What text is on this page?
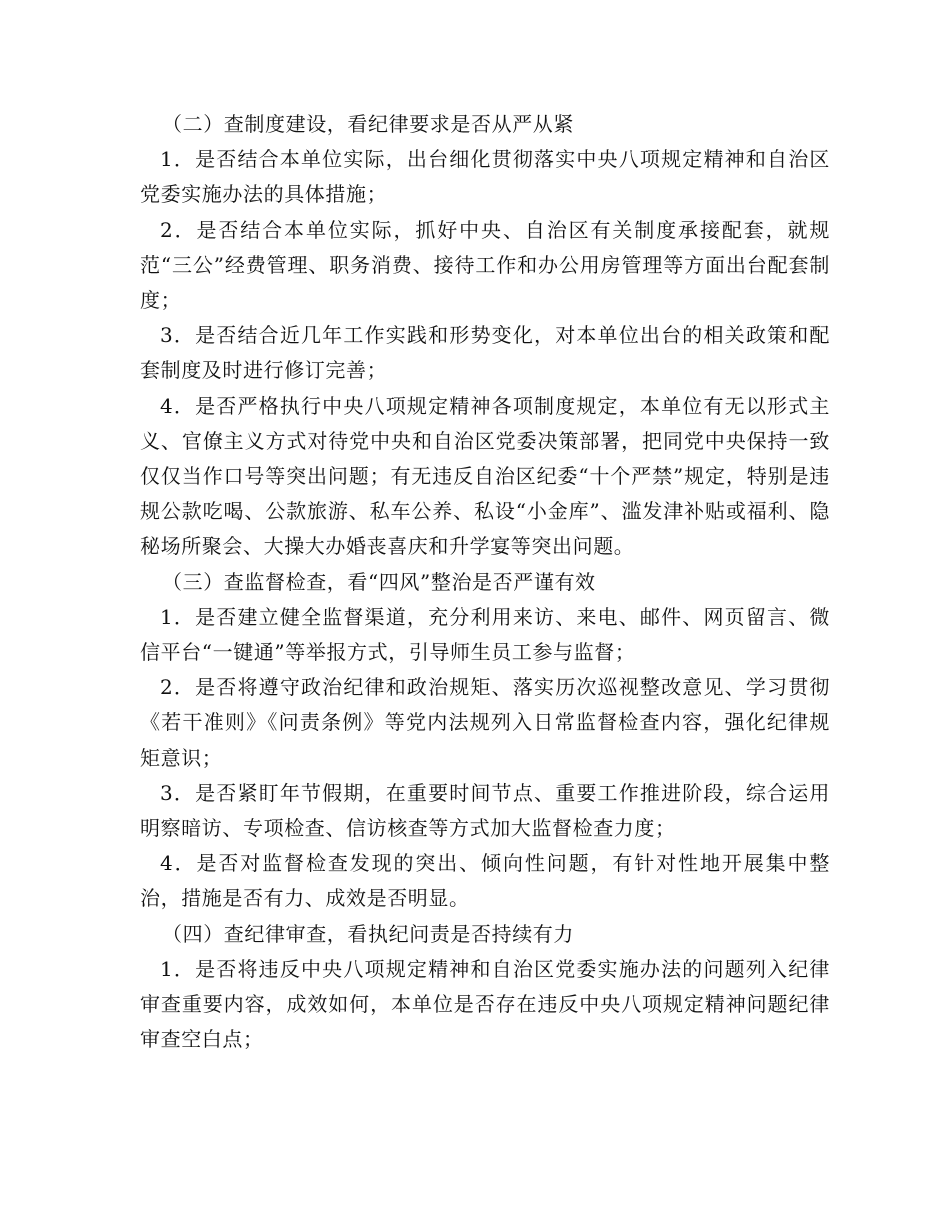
（二）查制度建设，看纪律要求是否从严从紧

1．是否结合本单位实际，出台细化贯彻落实中央八项规定精神和自治区党委实施办法的具体措施；

2．是否结合本单位实际，抓好中央、自治区有关制度承接配套，就规范“三公”经费管理、职务消费、接待工作和办公用房管理等方面出台配套制度；

3．是否结合近几年工作实践和形势变化，对本单位出台的相关政策和配套制度及时进行修订完善；

4．是否严格执行中央八项规定精神各项制度规定，本单位有无以形式主义、官僚主义方式对待党中央和自治区党委决策部署，把同党中央保持一致仅仅当作口号等突出问题；有无违反自治区纪委“十个严禁”规定，特别是违规公款吃喝、公款旅游、私车公养、私设“小金库”、滥发津补贴或福利、隐秘场所聚会、大操大办婚丧喜庆和升学宴等突出问题。

（三）查监督检查，看“四风”整治是否严谨有效

1．是否建立健全监督渠道，充分利用来访、来电、邮件、网页留言、微信平台“一键通”等举报方式，引导师生员工参与监督；

2．是否将遵守政治纪律和政治规矩、落实历次巡视整改意见、学习贯彻《若干准则》《问责条例》等党内法规列入日常监督检查内容，强化纪律规矩意识；

3．是否紧盯年节假期，在重要时间节点、重要工作推进阶段，综合运用明察暗访、专项检查、信访核查等方式加大监督检查力度；

4．是否对监督检查发现的突出、倾向性问题，有针对性地开展集中整治，措施是否有力、成效是否明显。

（四）查纪律审查，看执纪问责是否持续有力

1．是否将违反中央八项规定精神和自治区党委实施办法的问题列入纪律审查重要内容，成效如何，本单位是否存在违反中央八项规定精神问题纪律审查空白点；
